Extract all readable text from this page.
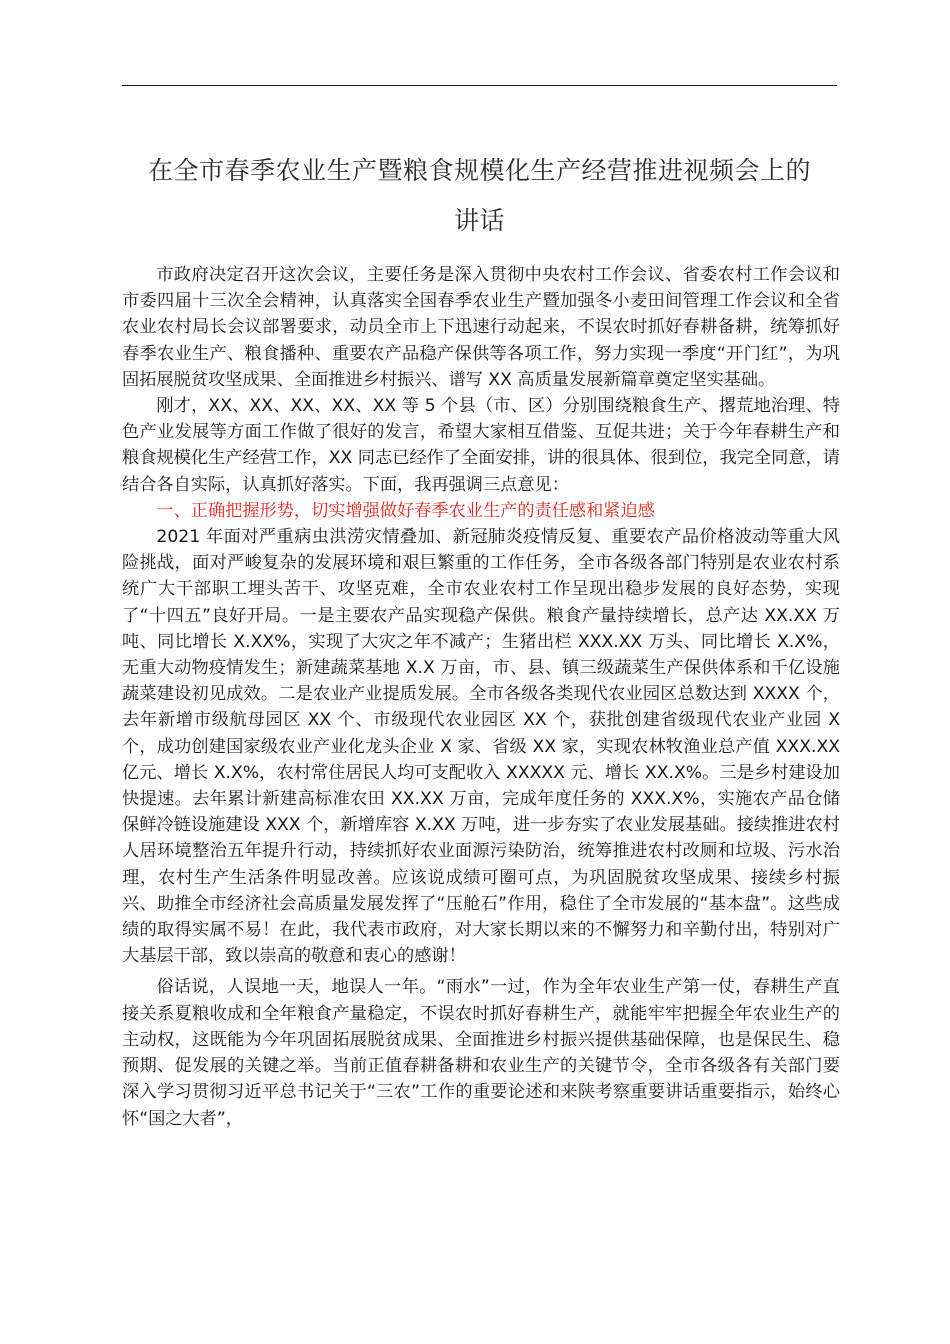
在全市春季农业生产暨粮食规模化生产经营推进视频会上的
讲话

市政府决定召开这次会议，主要任务是深入贯彻中央农村工作会议、省委农村工作会议和市委四届十三次全会精神，认真落实全国春季农业生产暨加强冬小麦田间管理工作会议和全省农业农村局长会议部署要求，动员全市上下迅速行动起来，不误农时抓好春耕备耕，统筹抓好春季农业生产、粮食播种、重要农产品稳产保供等各项工作，努力实现一季度“开门红”，为巩固拓展脱贫攻坚成果、全面推进乡村振兴、谱写 XX 高质量发展新篇章奠定坚实基础。

刚才，XX、XX、XX、XX、XX 等 5 个县（市、区）分别围绕粮食生产、撂荒地治理、特色产业发展等方面工作做了很好的发言，希望大家相互借鉴、互促共进；关于今年春耕生产和粮食规模化生产经营工作，XX 同志已经作了全面安排，讲的很具体、很到位，我完全同意，请结合各自实际，认真抓好落实。下面，我再强调三点意见：

一、正确把握形势，切实增强做好春季农业生产的责任感和紧迫感

2021 年面对严重病虫洪涝灾情叠加、新冠肺炎疫情反复、重要农产品价格波动等重大风险挑战，面对严峻复杂的发展环境和艰巨繁重的工作任务，全市各级各部门特别是农业农村系统广大干部职工埋头苦干、攻坚克难，全市农业农村工作呈现出稳步发展的良好态势，实现了“十四五”良好开局。一是主要农产品实现稳产保供。粮食产量持续增长，总产达 XX.XX 万吨、同比增长 X.XX%，实现了大灾之年不减产；生猪出栏 XXX.XX 万头、同比增长 X.X%，无重大动物疫情发生；新建蔬菜基地 X.X 万亩，市、县、镇三级蔬菜生产保供体系和千亿设施蔬菜建设初见成效。二是农业产业提质发展。全市各级各类现代农业园区总数达到 XXXX 个，去年新增市级航母园区 XX 个、市级现代农业园区 XX 个，获批创建省级现代农业产业园 X 个，成功创建国家级农业产业化龙头企业 X 家、省级 XX 家，实现农林牧渔业总产值 XXX.XX 亿元、增长 X.X%，农村常住居民人均可支配收入 XXXXX 元、增长 XX.X%。三是乡村建设加快提速。去年累计新建高标准农田 XX.XX 万亩，完成年度任务的 XXX.X%，实施农产品仓储保鲜冷链设施建设 XXX 个，新增库容 X.XX 万吨，进一步夯实了农业发展基础。接续推进农村人居环境整治五年提升行动，持续抓好农业面源污染防治，统筹推进农村改厕和垃圾、污水治理，农村生产生活条件明显改善。应该说成绩可圈可点，为巩固脱贫攻坚成果、接续乡村振兴、助推全市经济社会高质量发展发挥了“压舱石”作用，稳住了全市发展的“基本盘”。这些成绩的取得实属不易！在此，我代表市政府，对大家长期以来的不懈努力和辛勤付出，特别对广大基层干部，致以崇高的敬意和衷心的感谢！

俗话说，人误地一天，地误人一年。“雨水”一过，作为全年农业生产第一仗，春耕生产直接关系夏粮收成和全年粮食产量稳定，不误农时抓好春耕生产，就能牢牢把握全年农业生产的主动权，这既能为今年巩固拓展脱贫成果、全面推进乡村振兴提供基础保障，也是保民生、稳预期、促发展的关键之举。当前正值春耕备耕和农业生产的关键节令，全市各级各有关部门要深入学习贯彻习近平总书记关于“三农”工作的重要论述和来陕考察重要讲话重要指示，始终心怀“国之大者”，
